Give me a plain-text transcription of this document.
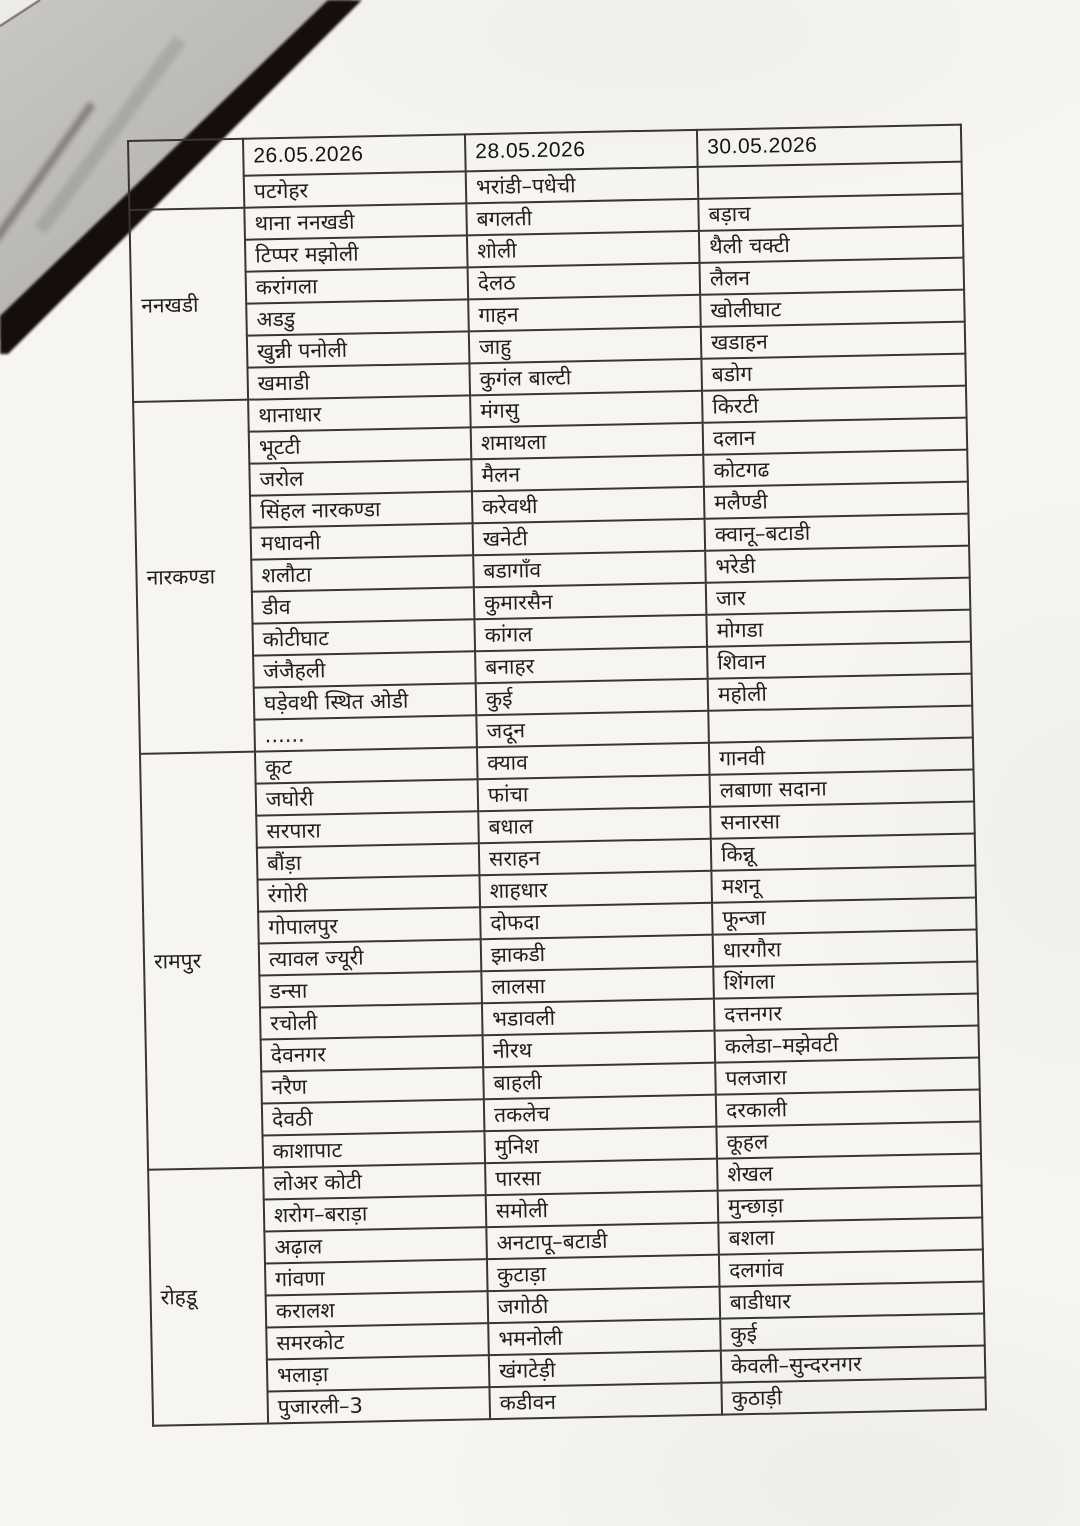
	26.05.2026	28.05.2026	30.05.2026
	पटगेहर	भरांडी–पधेची	
ननखडी	थाना ननखडी	बगलती	बड़ाच
	टिप्पर मझोली	शोली	थैली चक्टी
	करांगला	देलठ	लैलन
	अडडु	गाहन	खोलीघाट
	खुन्नी पनोली	जाहु	खडाहन
	खमाडी	कुगंल बाल्टी	बडोग
नारकण्डा	थानाधार	मंगसु	किरटी
	भूटटी	शमाथला	दलान
	जरोल	मैलन	कोटगढ
	सिंहल नारकण्डा	करेवथी	मलैण्डी
	मधावनी	खनेटी	क्वानू–बटाडी
	शलौटा	बडागाँव	भरेडी
	डीव	कुमारसैन	जार
	कोटीघाट	कांगल	मोगडा
	जंजैहली	बनाहर	शिवान
	घड़ेवथी स्थित ओडी	कुई	महोली
	......	जदून	
रामपुर	कूट	क्याव	गानवी
	जघोरी	फांचा	लबाणा सदाना
	सरपारा	बधाल	सनारसा
	बौंड़ा	सराहन	किन्नू
	रंगोरी	शाहधार	मशनू
	गोपालपुर	दोफदा	फून्जा
	त्यावल ज्यूरी	झाकडी	धारगौरा
	डन्सा	लालसा	शिंगला
	रचोली	भडावली	दत्तनगर
	देवनगर	नीरथ	कलेडा–मझेवटी
	नरैण	बाहली	पलजारा
	देवठी	तकलेच	दरकाली
	काशापाट	मुनिश	कूहल
रोहडू	लोअर कोटी	पारसा	शेखल
	शरोग–बराड़ा	समोली	मुन्छाड़ा
	अढ़ाल	अनटापू–बटाडी	बशला
	गांवणा	कुटाड़ा	दलगांव
	करालश	जगोठी	बाडीधार
	समरकोट	भमनोली	कुई
	भलाड़ा	खंगटेड़ी	केवली–सुन्दरनगर
	पुजारली–3	कडीवन	कुठाड़ी
